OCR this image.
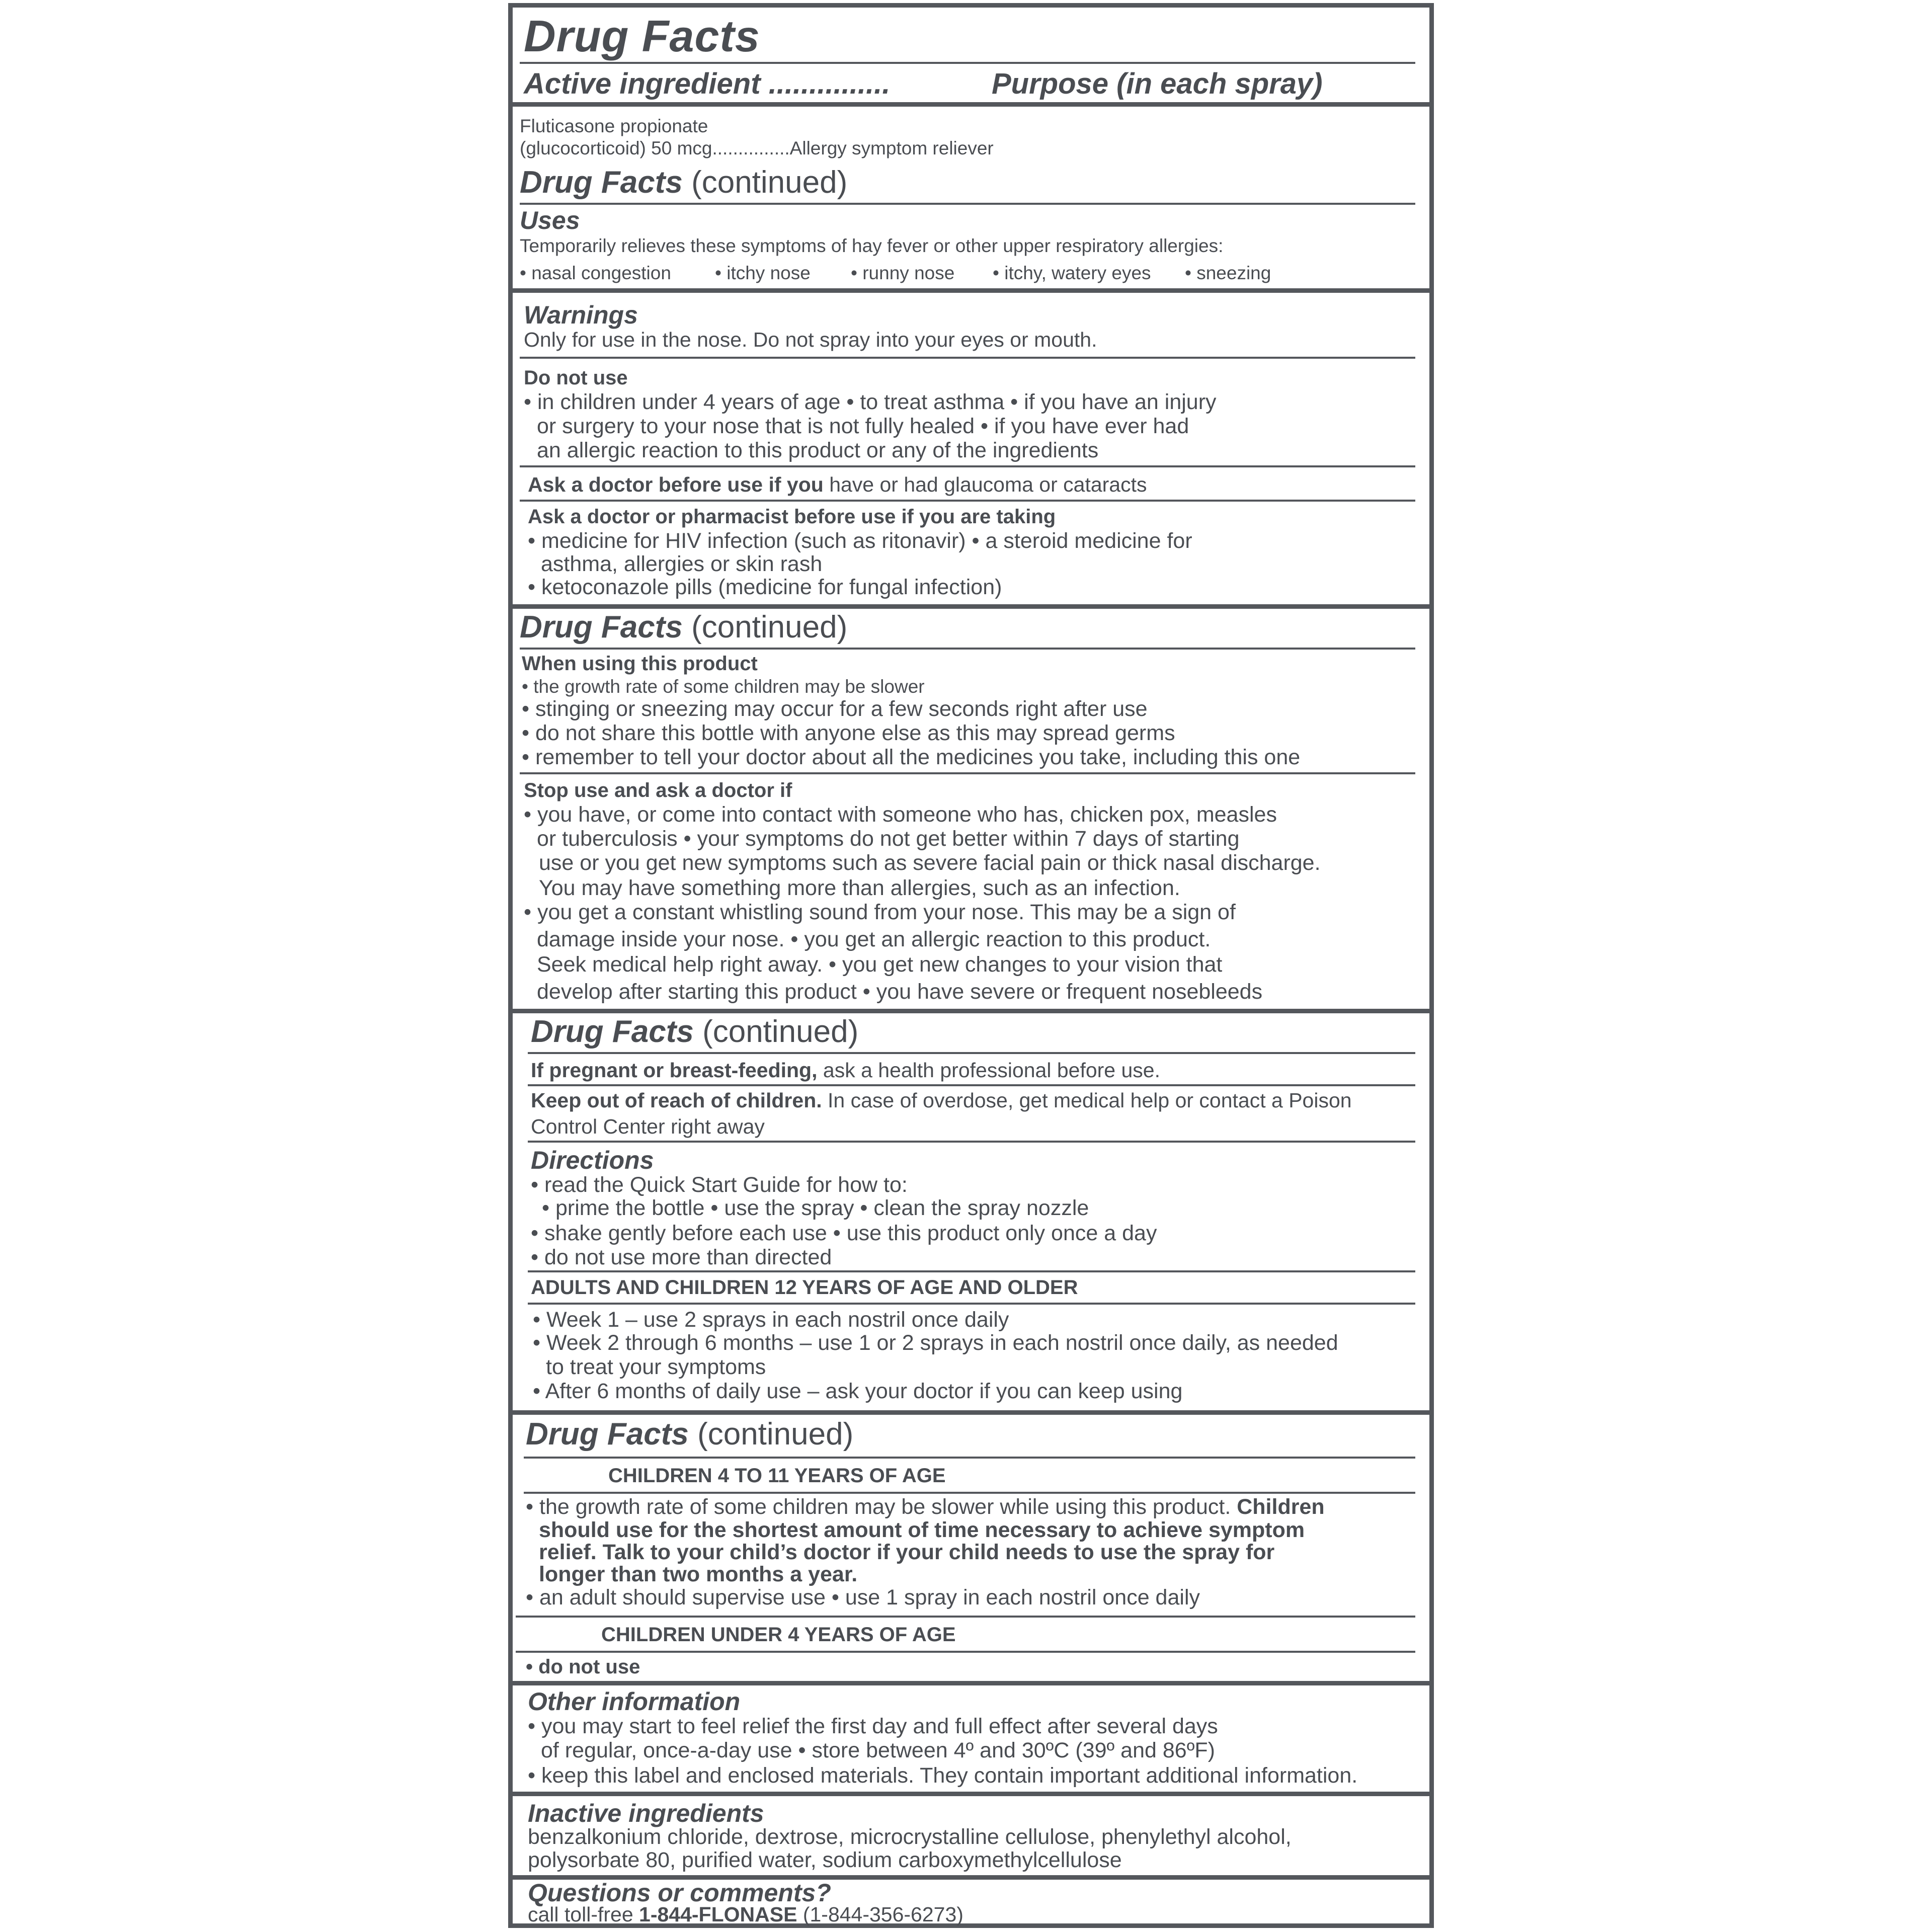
Drug Facts
Active ingredient ...............	Purpose (in each spray)
Fluticasone propionate
(glucocorticoid) 50 mcg...............Allergy symptom reliever
Drug Facts (continued)
Uses
Temporarily relieves these symptoms of hay fever or other upper respiratory allergies:
• nasal congestion • itchy nose • runny nose • itchy, watery eyes • sneezing
Warnings
Only for use in the nose. Do not spray into your eyes or mouth.
Do not use
• in children under 4 years of age • to treat asthma • if you have an injury
or surgery to your nose that is not fully healed • if you have ever had
an allergic reaction to this product or any of the ingredients
Ask a doctor before use if you have or had glaucoma or cataracts
Ask a doctor or pharmacist before use if you are taking
• medicine for HIV infection (such as ritonavir) • a steroid medicine for
asthma, allergies or skin rash
• ketoconazole pills (medicine for fungal infection)
Drug Facts (continued)
When using this product
• the growth rate of some children may be slower
• stinging or sneezing may occur for a few seconds right after use
• do not share this bottle with anyone else as this may spread germs
• remember to tell your doctor about all the medicines you take, including this one
Stop use and ask a doctor if
• you have, or come into contact with someone who has, chicken pox, measles
or tuberculosis • your symptoms do not get better within 7 days of starting
use or you get new symptoms such as severe facial pain or thick nasal discharge.
You may have something more than allergies, such as an infection.
• you get a constant whistling sound from your nose. This may be a sign of
damage inside your nose. • you get an allergic reaction to this product.
Seek medical help right away. • you get new changes to your vision that
develop after starting this product • you have severe or frequent nosebleeds
Drug Facts (continued)
If pregnant or breast-feeding, ask a health professional before use.
Keep out of reach of children. In case of overdose, get medical help or contact a Poison
Control Center right away
Directions
• read the Quick Start Guide for how to:
• prime the bottle • use the spray • clean the spray nozzle
• shake gently before each use • use this product only once a day
• do not use more than directed
ADULTS AND CHILDREN 12 YEARS OF AGE AND OLDER
• Week 1 – use 2 sprays in each nostril once daily
• Week 2 through 6 months – use 1 or 2 sprays in each nostril once daily, as needed
to treat your symptoms
• After 6 months of daily use – ask your doctor if you can keep using
Drug Facts (continued)
CHILDREN 4 TO 11 YEARS OF AGE
• the growth rate of some children may be slower while using this product. Children
should use for the shortest amount of time necessary to achieve symptom
relief. Talk to your child’s doctor if your child needs to use the spray for
longer than two months a year.
• an adult should supervise use • use 1 spray in each nostril once daily
CHILDREN UNDER 4 YEARS OF AGE
• do not use
Other information
• you may start to feel relief the first day and full effect after several days
of regular, once-a-day use • store between 4º and 30ºC (39º and 86ºF)
• keep this label and enclosed materials. They contain important additional information.
Inactive ingredients
benzalkonium chloride, dextrose, microcrystalline cellulose, phenylethyl alcohol,
polysorbate 80, purified water, sodium carboxymethylcellulose
Questions or comments?
call toll-free 1-844-FLONASE (1-844-356-6273)
